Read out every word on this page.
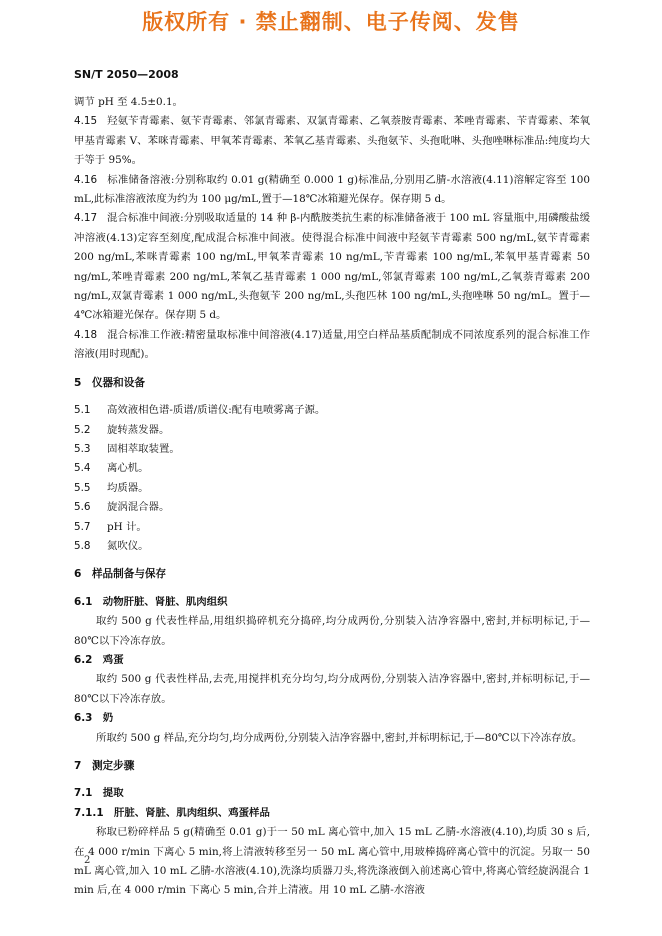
版权所有 · 禁止翻制、电子传阅、发售
SN/T 2050—2008

调节 pH 至 4.5±0.1。

4.15 羟氨苄青霉素、氨苄青霉素、邻氯青霉素、双氯青霉素、乙氧萘胺青霉素、苯唑青霉素、苄青霉素、苯氧甲基青霉素 V、苯咪青霉素、甲氧苯青霉素、苯氧乙基青霉素、头孢氨苄、头孢吡啉、头孢唑啉标准品:纯度均大于等于 95%。

4.16 标准储备溶液:分别称取约 0.01 g(精确至 0.000 1 g)标准品,分别用乙腈-水溶液(4.11)溶解定容至 100 mL,此标准溶液浓度为约为 100 μg/mL,置于—18℃冰箱避光保存。保存期 5 d。

4.17 混合标准中间液:分别吸取适量的 14 种 β-内酰胺类抗生素的标准储备液于 100 mL 容量瓶中,用磷酸盐缓冲溶液(4.13)定容至刻度,配成混合标准中间液。使得混合标准中间液中羟氨苄青霉素 500 ng/mL,氨苄青霉素 200 ng/mL,苯咪青霉素 100 ng/mL,甲氧苯青霉素 10 ng/mL,苄青霉素 100 ng/mL,苯氧甲基青霉素 50 ng/mL,苯唑青霉素 200 ng/mL,苯氧乙基青霉素 1 000 ng/mL,邻氯青霉素 100 ng/mL,乙氧萘青霉素 200 ng/mL,双氯青霉素 1 000 ng/mL,头孢氨苄 200 ng/mL,头孢匹林 100 ng/mL,头孢唑啉 50 ng/mL。置于—4℃冰箱避光保存。保存期 5 d。

4.18 混合标准工作液:精密量取标准中间溶液(4.17)适量,用空白样品基质配制成不同浓度系列的混合标准工作溶液(用时现配)。

5　仪器和设备

5.1 高效液相色谱-质谱/质谱仪:配有电喷雾离子源。

5.2 旋转蒸发器。

5.3 固相萃取装置。

5.4 离心机。

5.5 均质器。

5.6 旋涡混合器。

5.7 pH 计。

5.8 氮吹仪。

6　样品制备与保存

6.1　动物肝脏、肾脏、肌肉组织

取约 500 g 代表性样品,用组织捣碎机充分捣碎,均分成两份,分别装入洁净容器中,密封,并标明标记,于—80℃以下冷冻存放。

6.2　鸡蛋

取约 500 g 代表性样品,去壳,用搅拌机充分均匀,均分成两份,分别装入洁净容器中,密封,并标明标记,于—80℃以下冷冻存放。

6.3　奶

所取约 500 g 样品,充分均匀,均分成两份,分别装入洁净容器中,密封,并标明标记,于—80℃以下冷冻存放。

7　测定步骤

7.1　提取

7.1.1　肝脏、肾脏、肌肉组织、鸡蛋样品

称取已粉碎样品 5 g(精确至 0.01 g)于一 50 mL 离心管中,加入 15 mL 乙腈-水溶液(4.10),均质 30 s 后,在 4 000 r/min 下离心 5 min,将上清液转移至另一 50 mL 离心管中,用玻棒捣碎离心管中的沉淀。另取一 50 mL 离心管,加入 10 mL 乙腈-水溶液(4.10),洗涤均质器刀头,将洗涤液倒入前述离心管中,将离心管经旋涡混合 1 min 后,在 4 000 r/min 下离心 5 min,合并上清液。用 10 mL 乙腈-水溶液

2
